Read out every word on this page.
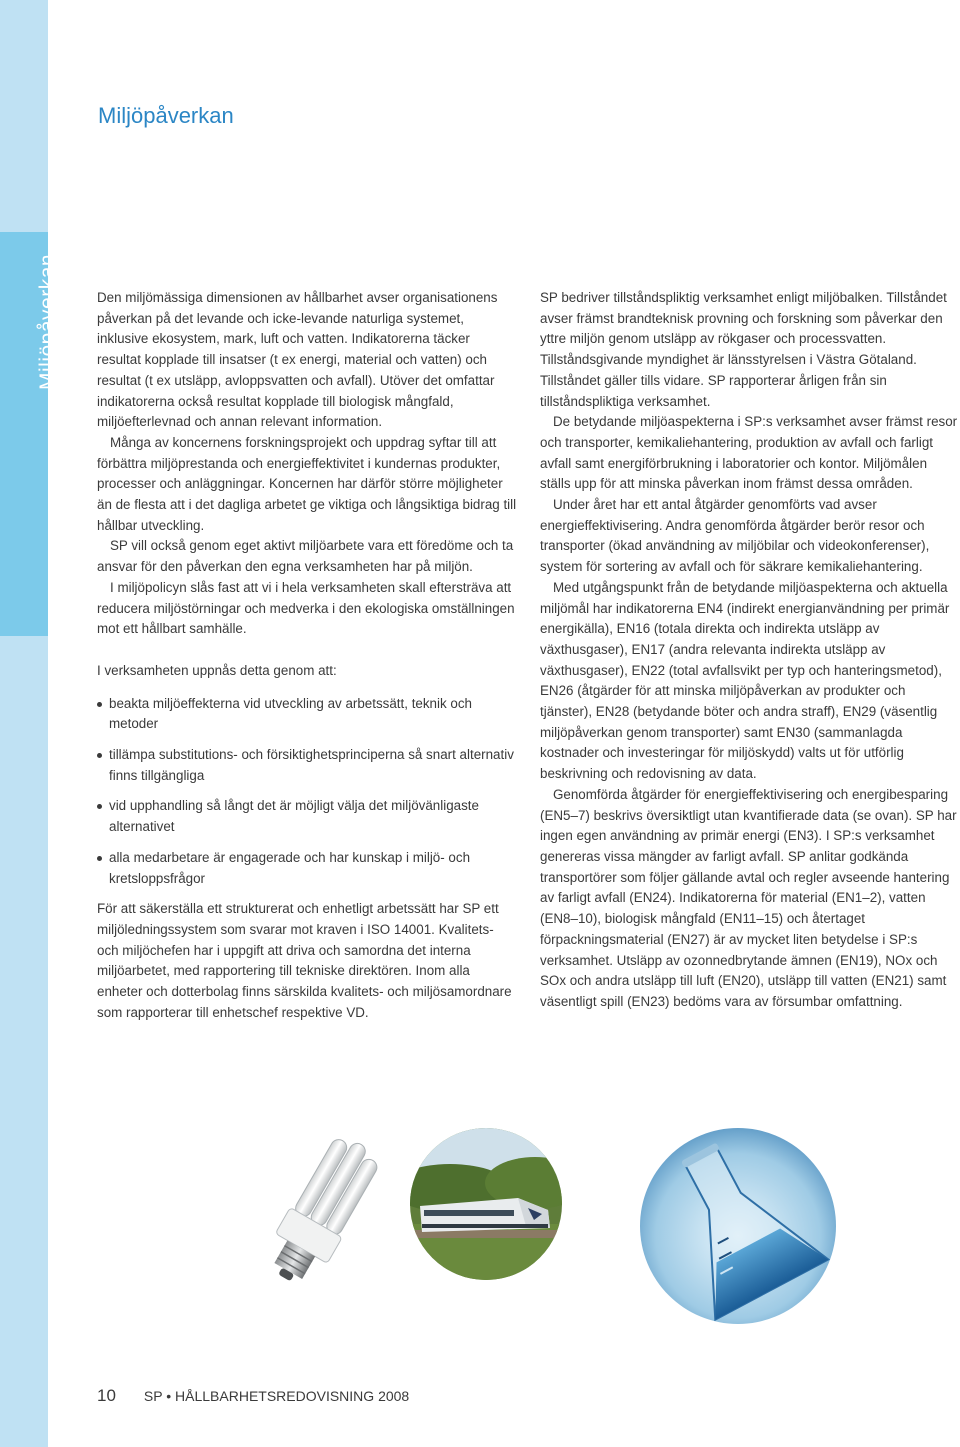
Miljöpåverkan
Miljöpåverkan

Den miljömässiga dimensionen av hållbarhet avser organisationens påverkan på det levande och icke-levande naturliga systemet, inklusive ekosystem, mark, luft och vatten. Indikatorerna täcker resultat kopplade till insatser (t ex energi, material och vatten) och resultat (t ex utsläpp, avloppsvatten och avfall). Utöver det omfattar indikatorerna också resultat kopplade till biologisk mångfald, miljöefterlevnad och annan relevant information.

Många av koncernens forskningsprojekt och uppdrag syftar till att förbättra miljöprestanda och energieffektivitet i kundernas produkter, processer och anläggningar. Koncernen har därför större möjligheter än de flesta att i det dagliga arbetet ge viktiga och långsiktiga bidrag till hållbar utveckling.

SP vill också genom eget aktivt miljöarbete vara ett föredöme och ta ansvar för den påverkan den egna verksamheten har på miljön.

I miljöpolicyn slås fast att vi i hela verksamheten skall eftersträva att reducera miljöstörningar och medverka i den ekologiska omställningen mot ett hållbart samhälle.

I verksamheten uppnås detta genom att:

beakta miljöeffekterna vid utveckling av arbetssätt, teknik och metoder
tillämpa substitutions- och försiktighetsprinciperna så snart alternativ finns tillgängliga
vid upphandling så långt det är möjligt välja det miljövänligaste alternativet
alla medarbetare är engagerade och har kunskap i miljö- och kretsloppsfrågor

För att säkerställa ett strukturerat och enhetligt arbetssätt har SP ett miljöledningssystem som svarar mot kraven i ISO 14001. Kvalitets- och miljöchefen har i uppgift att driva och samordna det interna miljöarbetet, med rapportering till tekniske direktören. Inom alla enheter och dotterbolag finns särskilda kvalitets- och miljösamordnare som rapporterar till enhetschef respektive VD.

SP bedriver tillståndspliktig verksamhet enligt miljöbalken. Tillståndet avser främst brandteknisk provning och forskning som påverkar den yttre miljön genom utsläpp av rökgaser och processvatten. Tillståndsgivande myndighet är länsstyrelsen i Västra Götaland. Tillståndet gäller tills vidare. SP rapporterar årligen från sin tillståndspliktiga verksamhet.

De betydande miljöaspekterna i SP:s verksamhet avser främst resor och transporter, kemikaliehantering, produktion av avfall och farligt avfall samt energiförbrukning i laboratorier och kontor. Miljömålen ställs upp för att minska påverkan inom främst dessa områden.

Under året har ett antal åtgärder genomförts vad avser energieffektivisering. Andra genomförda åtgärder berör resor och transporter (ökad användning av miljöbilar och videokonferenser), system för sortering av avfall och för säkrare kemikaliehantering.

Med utgångspunkt från de betydande miljöaspekterna och aktuella miljömål har indikatorerna EN4 (indirekt energianvändning per primär energikälla), EN16 (totala direkta och indirekta utsläpp av växthusgaser), EN17 (andra relevanta indirekta utsläpp av växthusgaser), EN22 (total avfallsvikt per typ och hanteringsmetod), EN26 (åtgärder för att minska miljöpåverkan av produkter och tjänster), EN28 (betydande böter och andra straff), EN29 (väsentlig miljöpåverkan genom transporter) samt EN30 (sammanlagda kostnader och investeringar för miljöskydd) valts ut för utförlig beskrivning och redovisning av data.

Genomförda åtgärder för energieffektivisering och energibesparing (EN5–7) beskrivs översiktligt utan kvantifierade data (se ovan). SP har ingen egen användning av primär energi (EN3). I SP:s verksamhet genereras vissa mängder av farligt avfall. SP anlitar godkända transportörer som följer gällande avtal och regler avseende hantering av farligt avfall (EN24). Indikatorerna för material (EN1–2), vatten (EN8–10), biologisk mångfald (EN11–15) och återtaget förpackningsmaterial (EN27) är av mycket liten betydelse i SP:s verksamhet. Utsläpp av ozonnedbrytande ämnen (EN19), NOx och SOx och andra utsläpp till luft (EN20), utsläpp till vatten (EN21) samt väsentligt spill (EN23) bedöms vara av försumbar omfattning.

10 SP • HÅLLBARHETSREDOVISNING 2008
